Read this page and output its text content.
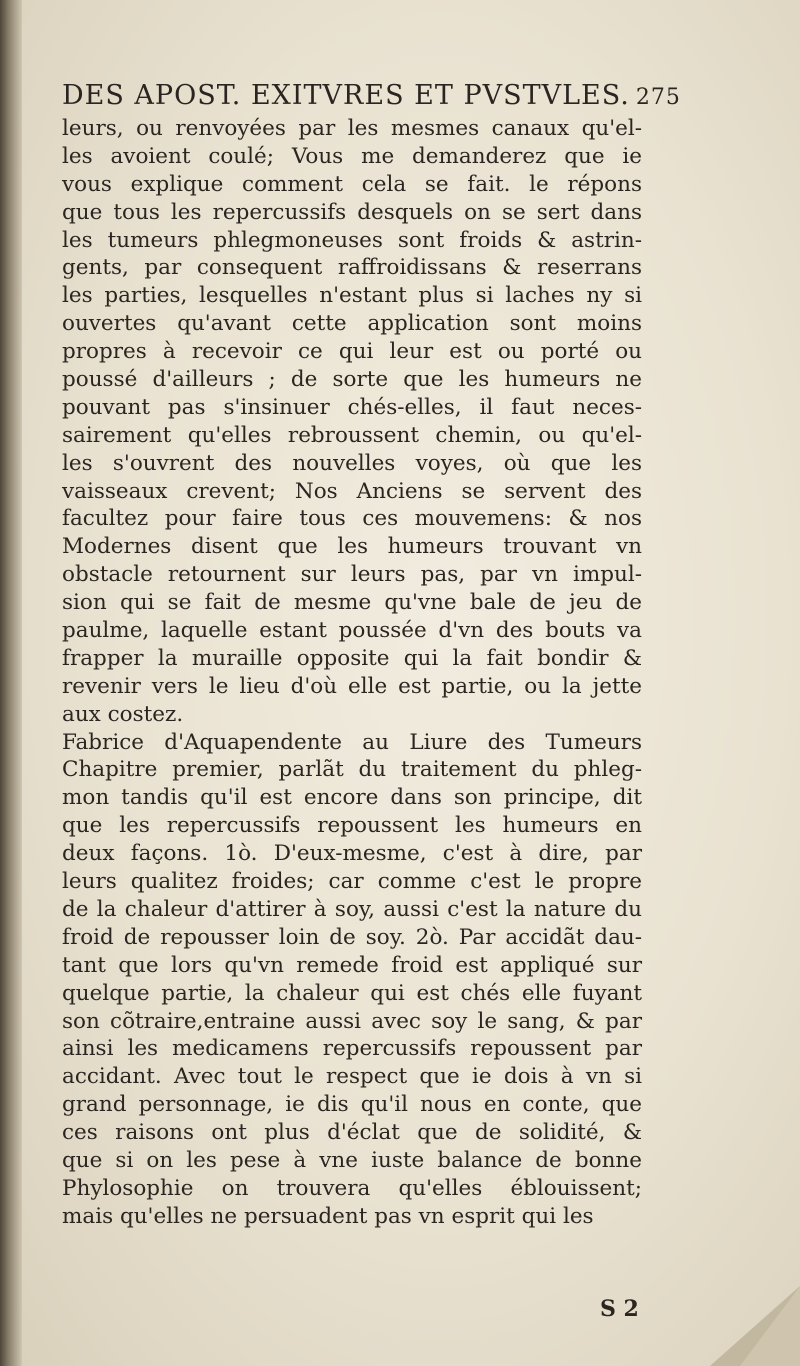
DES APOST. EXITVRES ET PVSTVLES. 275
leurs, ou renvoyées par les mesmes canaux qu'el-
les avoient coulé; Vous me demanderez que ie
vous explique comment cela se fait. le répons
que tous les repercussifs desquels on se sert dans
les tumeurs phlegmoneuses sont froids & astrin-
gents, par consequent raffroidissans & reserrans
les parties, lesquelles n'estant plus si laches ny si
ouvertes qu'avant cette application sont moins
propres à recevoir ce qui leur est ou porté ou
poussé d'ailleurs ; de sorte que les humeurs ne
pouvant pas s'insinuer chés-elles, il faut neces-
sairement qu'elles rebroussent chemin, ou qu'el-
les s'ouvrent des nouvelles voyes, où que les
vaisseaux crevent; Nos Anciens se servent des
facultez pour faire tous ces mouvemens: & nos
Modernes disent que les humeurs trouvant vn
obstacle retournent sur leurs pas, par vn impul-
sion qui se fait de mesme qu'vne bale de jeu de
paulme, laquelle estant poussée d'vn des bouts va
frapper la muraille opposite qui la fait bondir &
revenir vers le lieu d'où elle est partie, ou la jette
aux costez.
Fabrice d'Aquapendente au Liure des Tumeurs
Chapitre premier, parlãt du traitement du phleg-
mon tandis qu'il est encore dans son principe, dit
que les repercussifs repoussent les humeurs en
deux façons. 1ò. D'eux-mesme, c'est à dire, par
leurs qualitez froides; car comme c'est le propre
de la chaleur d'attirer à soy, aussi c'est la nature du
froid de repousser loin de soy. 2ò. Par accidãt dau-
tant que lors qu'vn remede froid est appliqué sur
quelque partie, la chaleur qui est chés elle fuyant
son cõtraire,entraine aussi avec soy le sang, & par
ainsi les medicamens repercussifs repoussent par
accidant. Avec tout le respect que ie dois à vn si
grand personnage, ie dis qu'il nous en conte, que
ces raisons ont plus d'éclat que de solidité, &
que si on les pese à vne iuste balance de bonne
Phylosophie on trouvera qu'elles éblouissent;
mais qu'elles ne persuadent pas vn esprit qui les
S 2
